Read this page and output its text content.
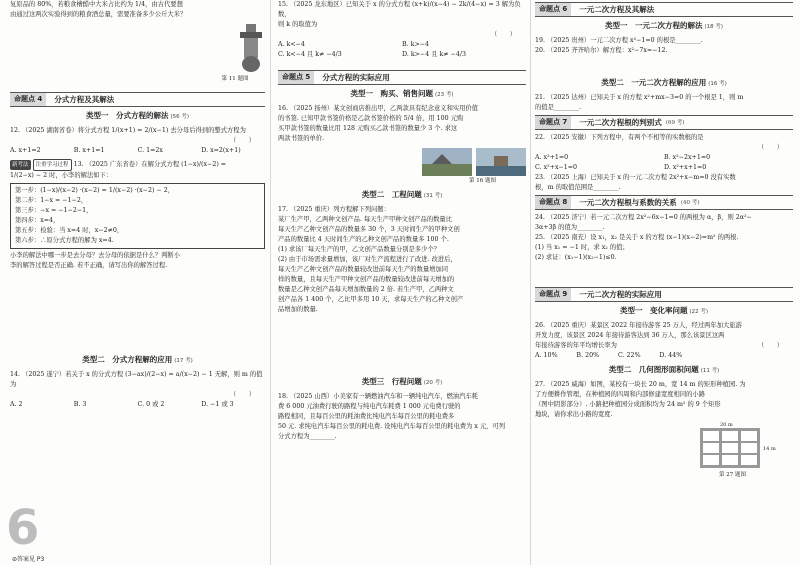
复原品的 80%，若粮食槽酷中大米占比约为 1/4，由古代要想

由通过这两次实验得到的粮食酒总量，需要准备多少公斤大米？

第 11 题图
命题点 4	分式方程及其解法
类型一　分式方程的解法 (56 考)

12. （2025 湖南省卷）将分式方程 1/(x+1) = 2/(x−1) 去分母后得到的整式方程为

（　　）

A. x+1=2	B. x+1=1	C. 1=2x	D. x=2(x+1)

新考法 注重学习过程 13. （2025 广东省卷）在解分式方程 (1−x)/(x−2) =

1/(2−x) − 2 时，小李的解法如下：

第一步：(1−x)/(x−2) ·(x−2) = 1/(x−2) ·(x−2) − 2，

第二步：1−x = −1−2，

第三步：−x = −1−2−1，

第四步：x=4，

第五步：检验：当 x=4 时，x−2≠0，

第六步：∴原分式方程的解为 x=4.

小李的解法中哪一步是去分母？去分母的依据是什么？判断小

李的解答过程是否正确. 若不正确，请写出你的解答过程.

类型二　分式方程解的应用 (17 考)

14. （2025 遂宁）若关于 x 的分式方程 (3−ax)/(2−x) = a/(x−2) − 1 无解，则 m 的值为

（　　）

A. 2	B. 3	C. 0 或 2	D. −1 或 3
6
⊘答案见 P3

15. （2025 龙东地区）已知关于 x 的分式方程 (x+k)/(x−4) − 2k/(4−x) = 3 解为负数，

则 k 的取值为

（　　）

A. k<−4	B. k>−4
C. k<−4 且 k≠ −4/3	D. k>−4 且 k≠ −4/3
命题点 5	分式方程的实际应用
类型一　购买、销售问题 (23 考)

16. （2025 扬州）某文创商店推出甲，乙两款具有纪念意义和实用价值

的书签. 已知甲款书签价格是乙款书签价格的 5/4 倍，用 100 元购

买甲款书签的数量比用 128 元购买乙款书签的数量少 3 个. 求这

两款书签的单价.

第 16 题图
类型二　工程问题 (31 考)

17. （2025 重庆）列方程解下列问题：

某厂生产甲，乙两种文创产品. 每天生产甲种文创产品的数量比

每天生产乙种文创产品的数量多 30 个，3 天时间生产的甲种文创

产品的数量比 4 天时间生产的乙种文创产品的数量多 100 个.

(1) 求该厂每天生产的甲，乙文创产品数量分别是多少个？

(2) 由于市场需求量增加，该厂对生产流程进行了改进. 改进后，

每天生产乙种文创产品的数量较改进前每天生产的数量增加同

样的数量，且每天生产甲种文创产品的数量较改进前每天增加的

数量是乙种文创产品每天增加数量的 2 倍. 若生产甲，乙两种文

创产品各 1 400 个，乙比甲多用 10 天，求每天生产的乙种文创产

品增加的数量.

类型三　行程问题 (20 考)

18. （2025 山西）小美家有一辆燃油汽车和一辆纯电汽车，燃油汽车耗

费 6 000 元油费行驶的路程与纯电汽车耗费 1 000 元电费行驶的

路程相同，且每百公里的耗油费比纯电汽车每百公里的耗电费多

50 元. 求纯电汽车每百公里的耗电费. 设纯电汽车每百公里的耗电费为 x 元，可列

分式方程为________.

命题点 6	一元二次方程及其解法
类型一　一元二次方程的解法 (18 考)

19. （2025 贵州）一元二次方程 x²−1=0 的根是________.

20. （2025 齐齐哈尔）解方程：x²−7x=−12.

类型二　一元二次方程解的应用 (16 考)

21. （2025 达州）已知关于 x 的方程 x²+mx−3=0 的一个根是 1，则 m

的值是________.

命题点 7	一元二次方程根的判别式 (69 考)

22. （2025 安徽）下列方程中，有两个不相等的实数根的是

（　　）

A. x²+1=0	B. x²−2x+1=0
C. x²+x−1=0	D. x²+x+1=0

23. （2025 上海）已知关于 x 的一元二次方程 2x²+x−m=0 没有实数

根，m 的取值范围是________.

命题点 8	一元二次方程根与系数的关系 (40 考)

24. （2025 济宁）若一元二次方程 2x²−6x−1=0 的两根为 α，β，则 2α²−

3α+3β 的值为________.

25. （2025 南充）设 x₁，x₂ 是关于 x 的方程 (x−1)(x−2)=m² 的两根.

(1) 当 x₁ = −1 时，求 x₂ 的值；

(2) 求证：(x₁−1)(x₂−1)≤0.

命题点 9	一元二次方程的实际应用
类型一　变化率问题 (22 考)

26. （2025 重庆）某景区 2022 年接待游客 25 万人，经过两年加大旅游

开发力度，该景区 2024 年接待游客达到 36 万人，那么该景区这两

年接待游客的年平均增长率为	（　　）

A. 10%　　　B. 20%　　　C. 22%　　　D. 44%

类型二　几何图形面积问题 (11 考)

27. （2025 威海）如图，某校有一块长 20 m，宽 14 m 的矩形种植园. 为

了方便耕作管理，在种植园的四周和内部修建宽度相同的小路

（图中阴影部分）. 小路把种植园分成面积均为 24 m² 的 9 个矩形

地块，请你求出小路的宽度.

20 m
14 m
第 27 题图
